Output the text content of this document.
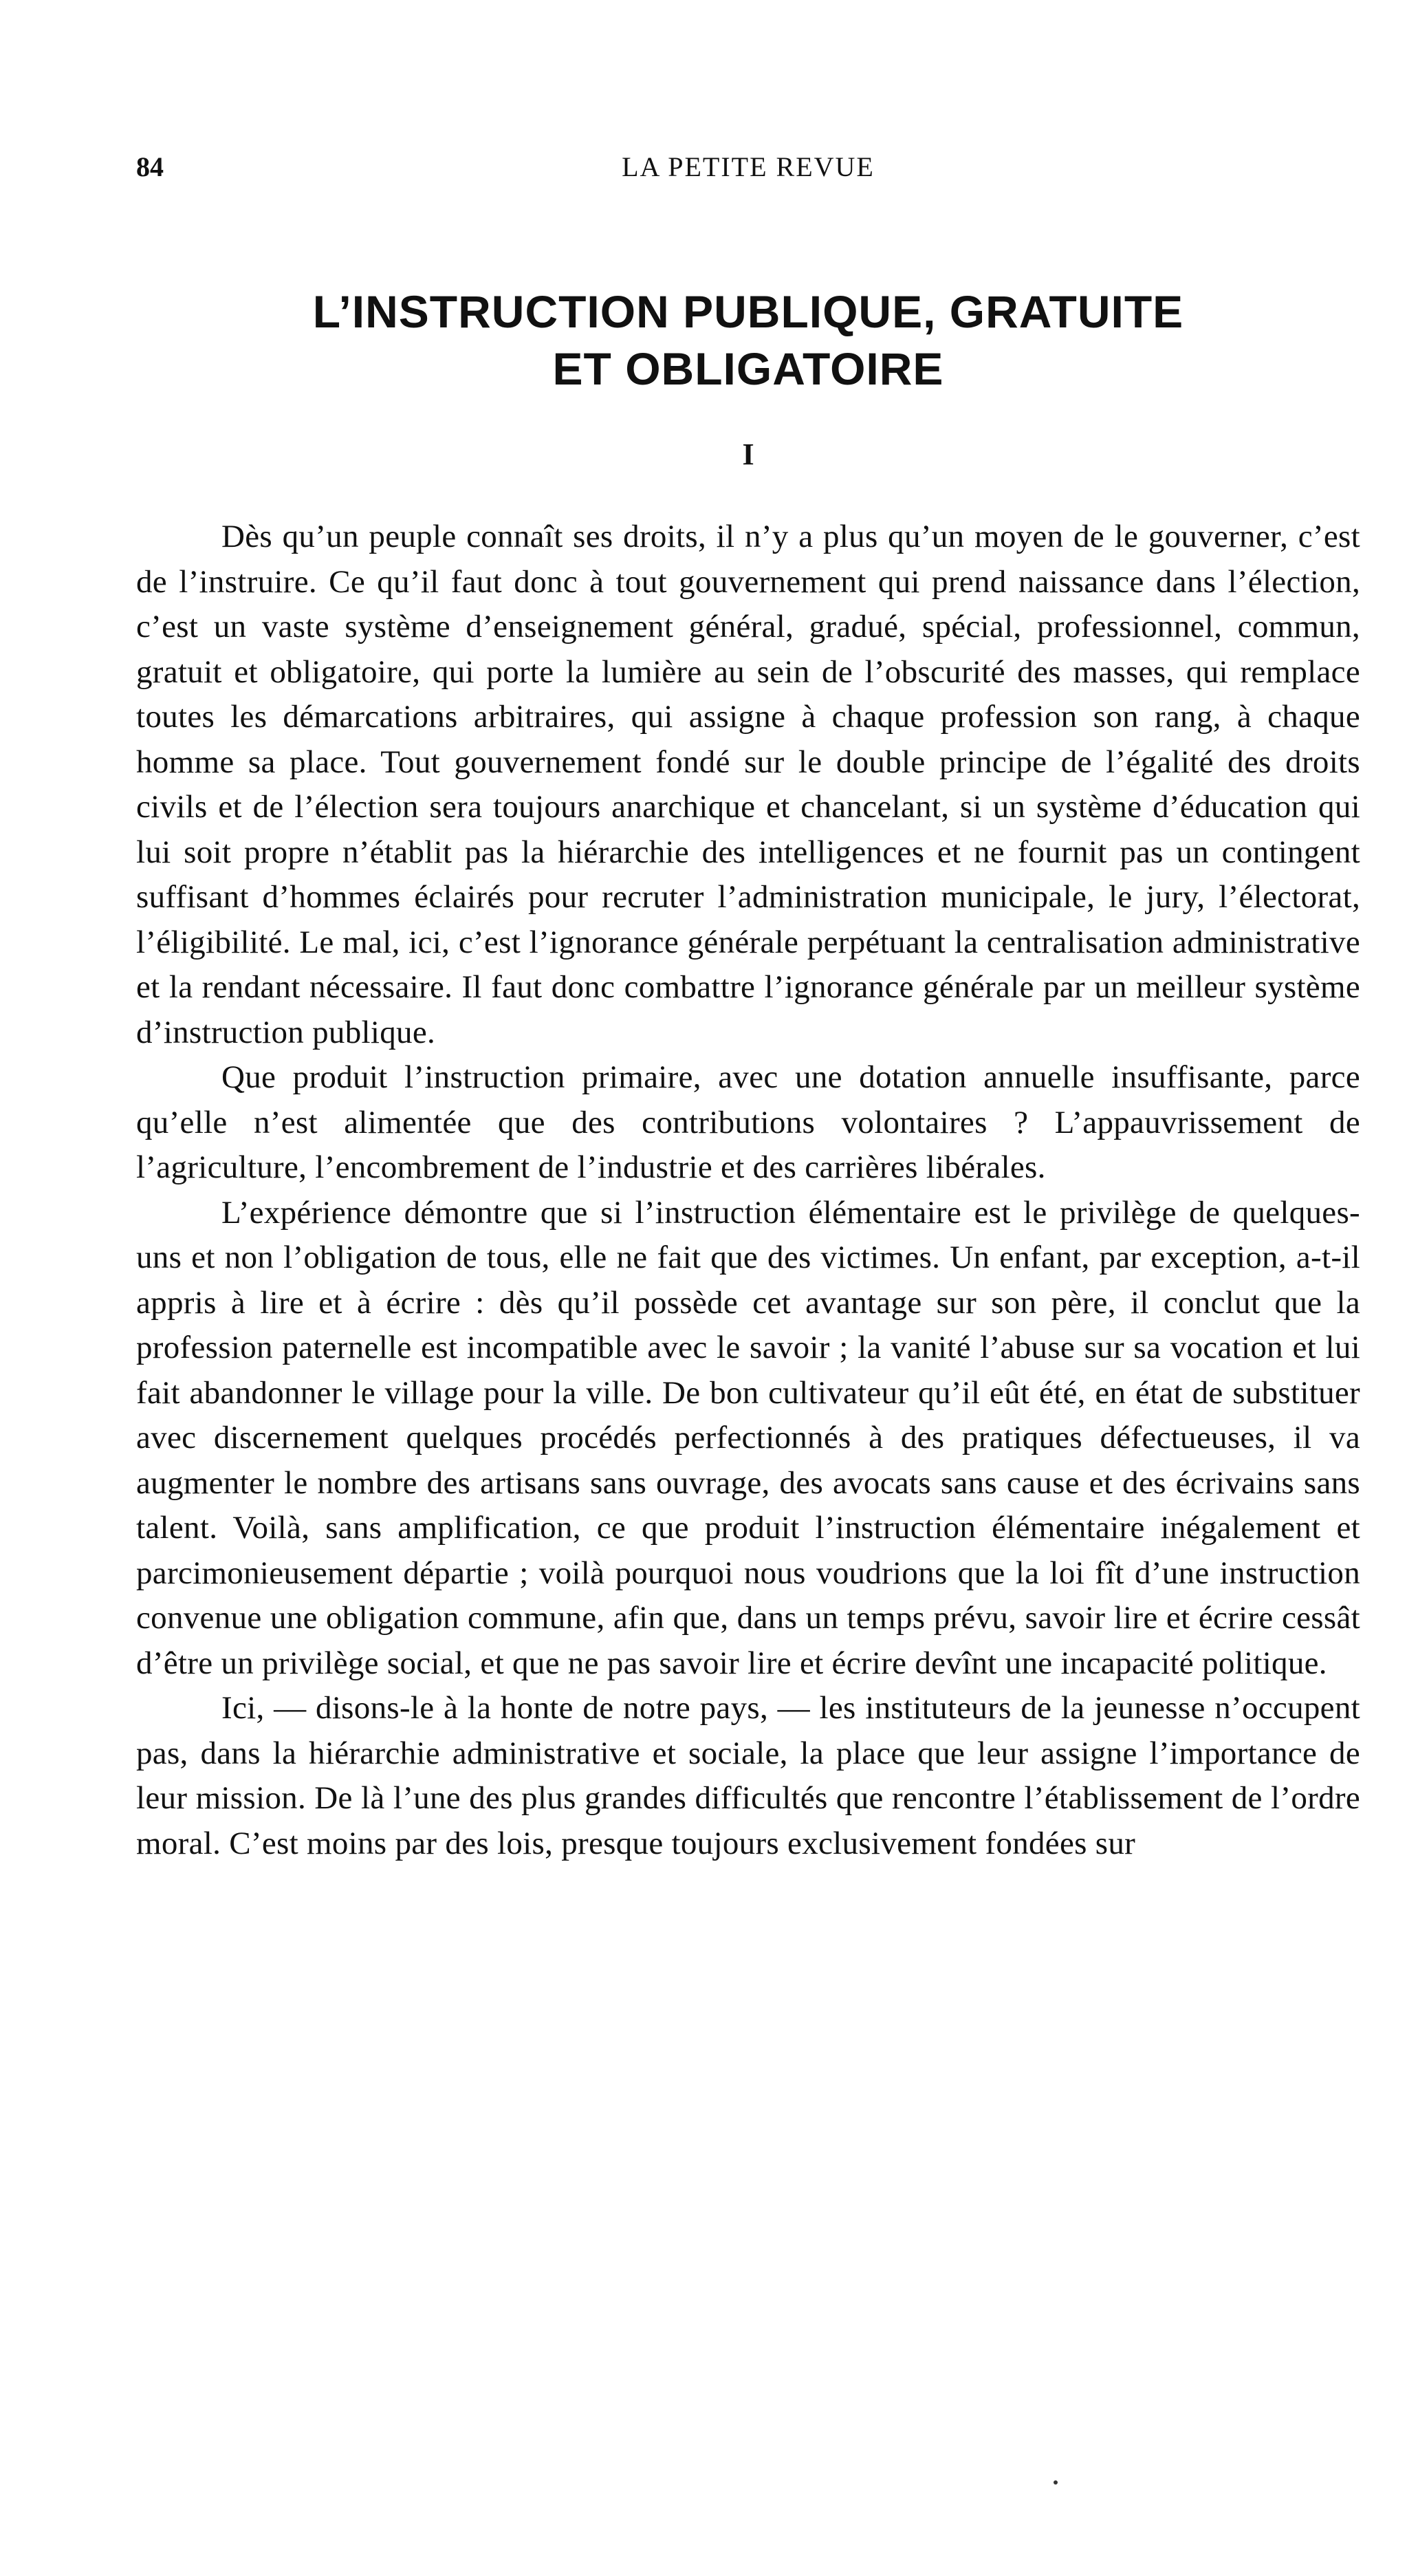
84	LA PETITE REVUE
L’INSTRUCTION PUBLIQUE, GRATUITE
ET OBLIGATOIRE
I

Dès qu’un peuple connaît ses droits, il n’y a plus qu’un moyen de le gouverner, c’est de l’instruire. Ce qu’il faut donc à tout gouvernement qui prend naissance dans l’élection, c’est un vaste système d’enseignement général, gradué, spécial, professionnel, commun, gratuit et obligatoire, qui porte la lumière au sein de l’obscurité des masses, qui remplace toutes les démarcations arbitraires, qui assigne à chaque profession son rang, à chaque homme sa place. Tout gouvernement fondé sur le double principe de l’égalité des droits civils et de l’élection sera toujours anarchique et chancelant, si un système d’éducation qui lui soit propre n’établit pas la hiérarchie des intelligences et ne fournit pas un contingent suffisant d’hommes éclairés pour recruter l’administration municipale, le jury, l’électorat, l’éligibilité. Le mal, ici, c’est l’ignorance générale perpétuant la centralisation administrative et la rendant nécessaire. Il faut donc combattre l’ignorance générale par un meilleur système d’instruction publique.

Que produit l’instruction primaire, avec une dotation annuelle insuffisante, parce qu’elle n’est alimentée que des contributions volontaires ? L’appauvrissement de l’agriculture, l’encombrement de l’industrie et des carrières libérales.

L’expérience démontre que si l’instruction élémentaire est le privilège de quelques-uns et non l’obligation de tous, elle ne fait que des victimes. Un enfant, par exception, a-t-il appris à lire et à écrire : dès qu’il possède cet avantage sur son père, il conclut que la profession paternelle est incompatible avec le savoir ; la vanité l’abuse sur sa vocation et lui fait abandonner le village pour la ville. De bon cultivateur qu’il eût été, en état de substituer avec discernement quelques procédés perfectionnés à des pratiques défectueuses, il va augmenter le nombre des artisans sans ouvrage, des avocats sans cause et des écrivains sans talent. Voilà, sans amplification, ce que produit l’instruction élémentaire inégalement et parcimonieusement départie ; voilà pourquoi nous voudrions que la loi fît d’une instruction convenue une obligation commune, afin que, dans un temps prévu, savoir lire et écrire cessât d’être un privilège social, et que ne pas savoir lire et écrire devînt une incapacité politique.

Ici, — disons-le à la honte de notre pays, — les instituteurs de la jeunesse n’occupent pas, dans la hiérarchie administrative et sociale, la place que leur assigne l’importance de leur mission. De là l’une des plus grandes difficultés que rencontre l’établissement de l’ordre moral. C’est moins par des lois, presque toujours exclusivement fondées sur
